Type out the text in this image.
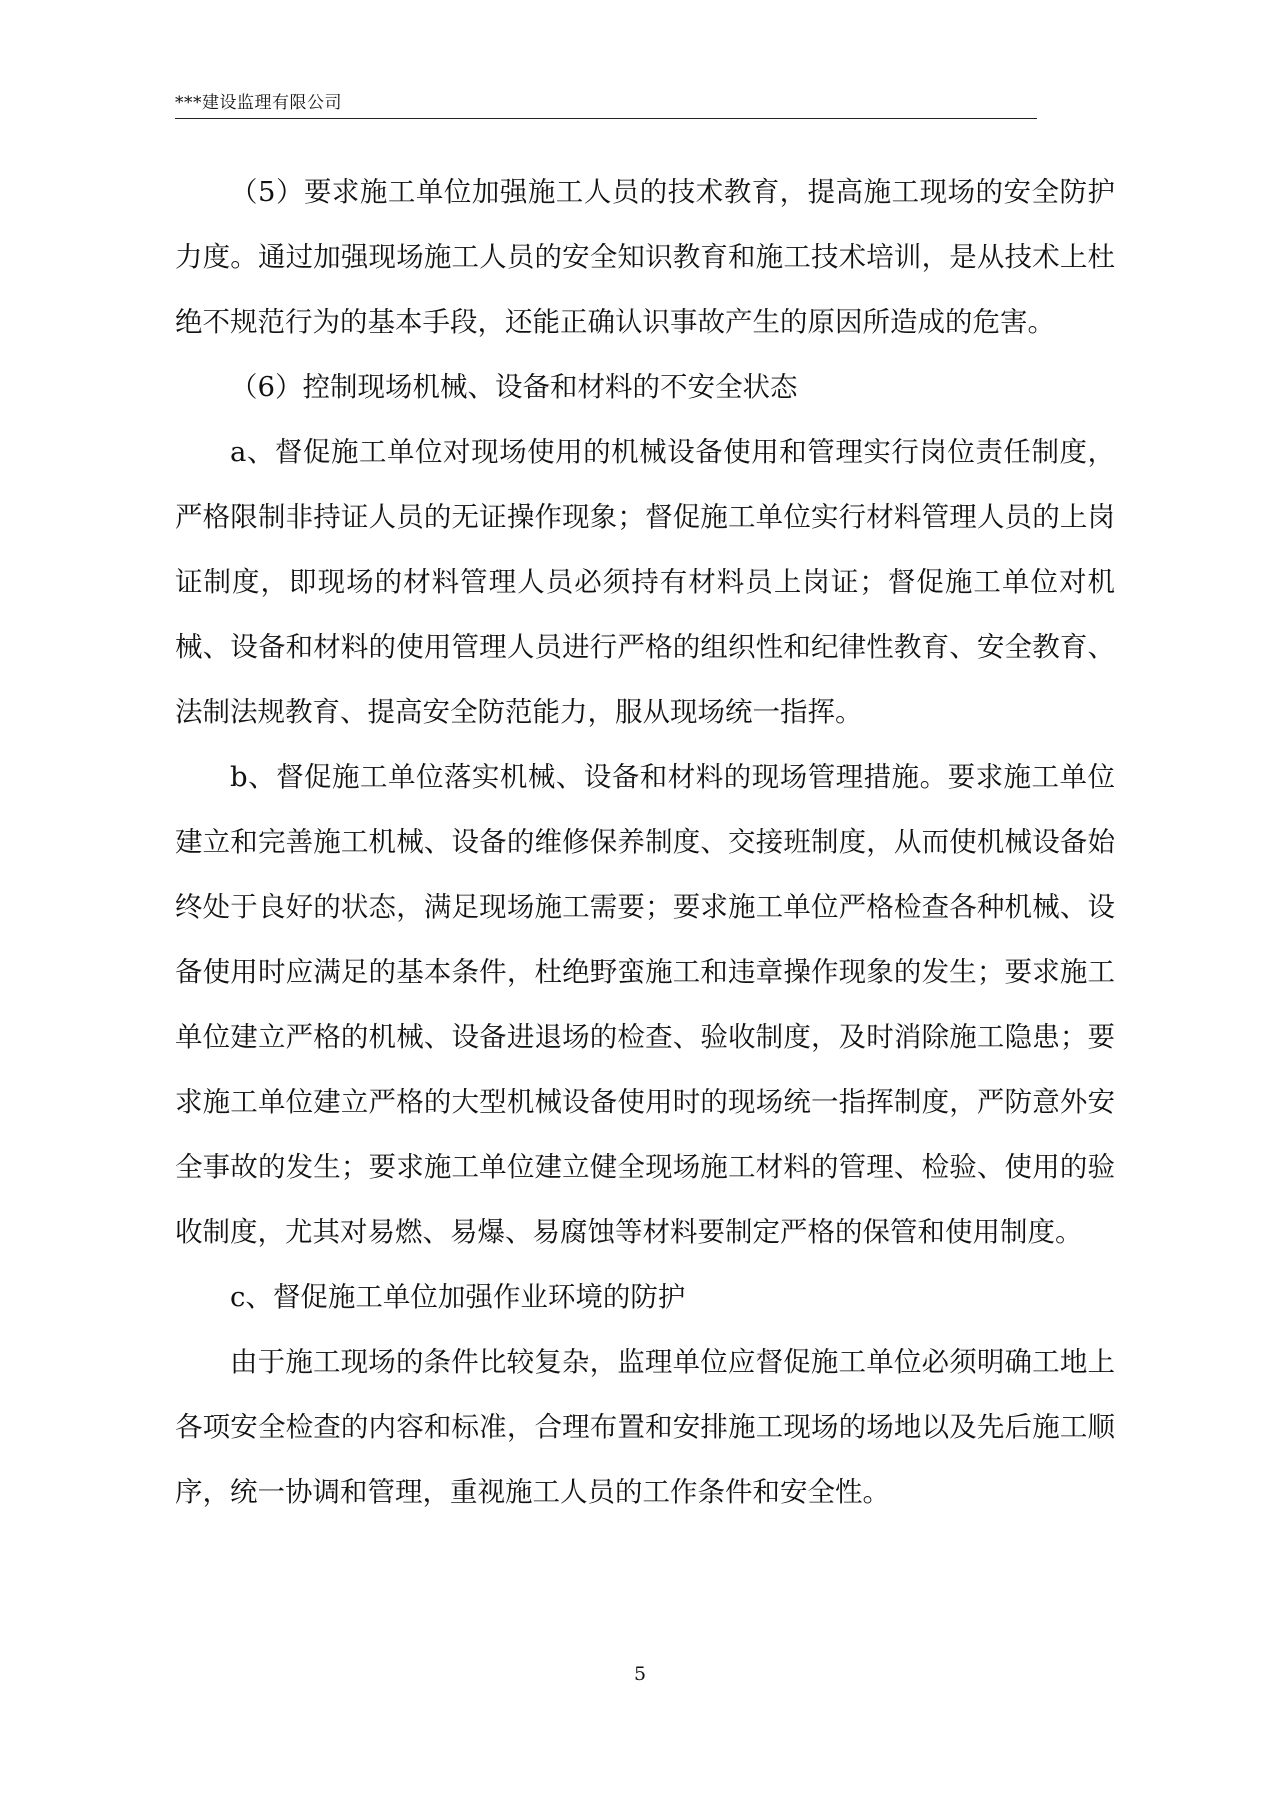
***建设监理有限公司

（5）要求施工单位加强施工人员的技术教育，提高施工现场的安全防护力度。通过加强现场施工人员的安全知识教育和施工技术培训，是从技术上杜绝不规范行为的基本手段，还能正确认识事故产生的原因所造成的危害。

（6）控制现场机械、设备和材料的不安全状态

a、督促施工单位对现场使用的机械设备使用和管理实行岗位责任制度，严格限制非持证人员的无证操作现象；督促施工单位实行材料管理人员的上岗证制度，即现场的材料管理人员必须持有材料员上岗证；督促施工单位对机械、设备和材料的使用管理人员进行严格的组织性和纪律性教育、安全教育、法制法规教育、提高安全防范能力，服从现场统一指挥。

b、督促施工单位落实机械、设备和材料的现场管理措施。要求施工单位建立和完善施工机械、设备的维修保养制度、交接班制度，从而使机械设备始终处于良好的状态，满足现场施工需要；要求施工单位严格检查各种机械、设备使用时应满足的基本条件，杜绝野蛮施工和违章操作现象的发生；要求施工单位建立严格的机械、设备进退场的检查、验收制度，及时消除施工隐患；要求施工单位建立严格的大型机械设备使用时的现场统一指挥制度，严防意外安全事故的发生；要求施工单位建立健全现场施工材料的管理、检验、使用的验收制度，尤其对易燃、易爆、易腐蚀等材料要制定严格的保管和使用制度。

c、督促施工单位加强作业环境的防护

由于施工现场的条件比较复杂，监理单位应督促施工单位必须明确工地上各项安全检查的内容和标准，合理布置和安排施工现场的场地以及先后施工顺序，统一协调和管理，重视施工人员的工作条件和安全性。

5
